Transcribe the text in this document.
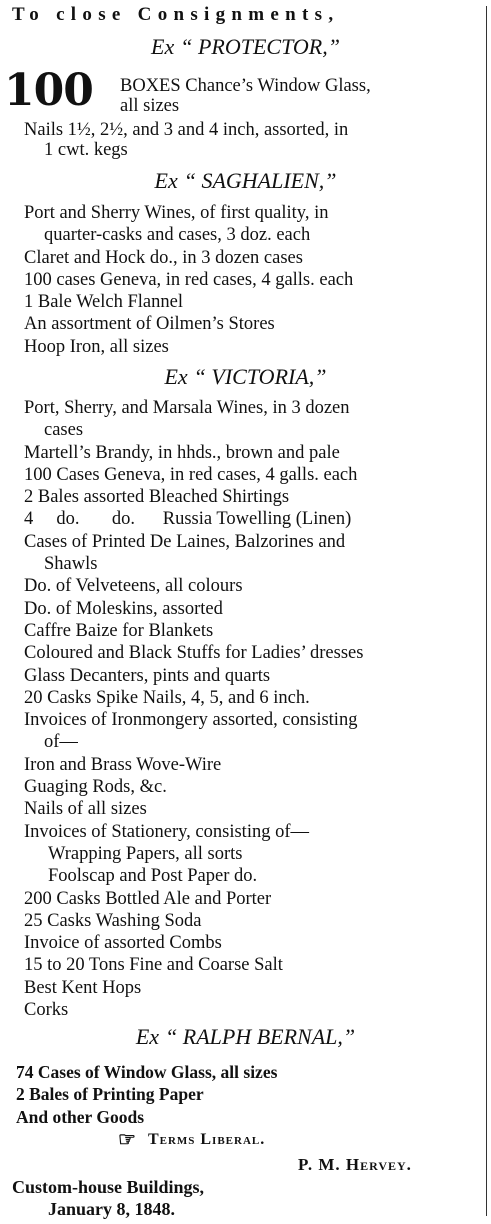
To close Consignments,
Ex “ PROTECTOR,”
100 BOXES Chance’s Window Glass,
all sizes
Nails 1½, 2½, and 3 and 4 inch, assorted, in
1 cwt. kegs
Ex “ SAGHALIEN,”
Port and Sherry Wines, of first quality, in
quarter-casks and cases, 3 doz. each
Claret and Hock do., in 3 dozen cases
100 cases Geneva, in red cases, 4 galls. each
1 Bale Welch Flannel
An assortment of Oilmen’s Stores
Hoop Iron, all sizes
Ex “ VICTORIA,”
Port, Sherry, and Marsala Wines, in 3 dozen
cases
Martell’s Brandy, in hhds., brown and pale
100 Cases Geneva, in red cases, 4 galls. each
2 Bales assorted Bleached Shirtings
4     do.       do.      Russia Towelling (Linen)
Cases of Printed De Laines, Balzorines and
Shawls
Do. of Velveteens, all colours
Do. of Moleskins, assorted
Caffre Baize for Blankets
Coloured and Black Stuffs for Ladies’ dresses
Glass Decanters, pints and quarts
20 Casks Spike Nails, 4, 5, and 6 inch.
Invoices of Ironmongery assorted, consisting
of—
Iron and Brass Wove-Wire
Guaging Rods, &c.
Nails of all sizes
Invoices of Stationery, consisting of—
Wrapping Papers, all sorts
Foolscap and Post Paper do.
200 Casks Bottled Ale and Porter
25 Casks Washing Soda
Invoice of assorted Combs
15 to 20 Tons Fine and Coarse Salt
Best Kent Hops
Corks
Ex “ RALPH BERNAL,”
74 Cases of Window Glass, all sizes
2 Bales of Printing Paper
And other Goods
☞ Terms Liberal.
P. M. Hervey.
Custom-house Buildings,
January 8, 1848.
